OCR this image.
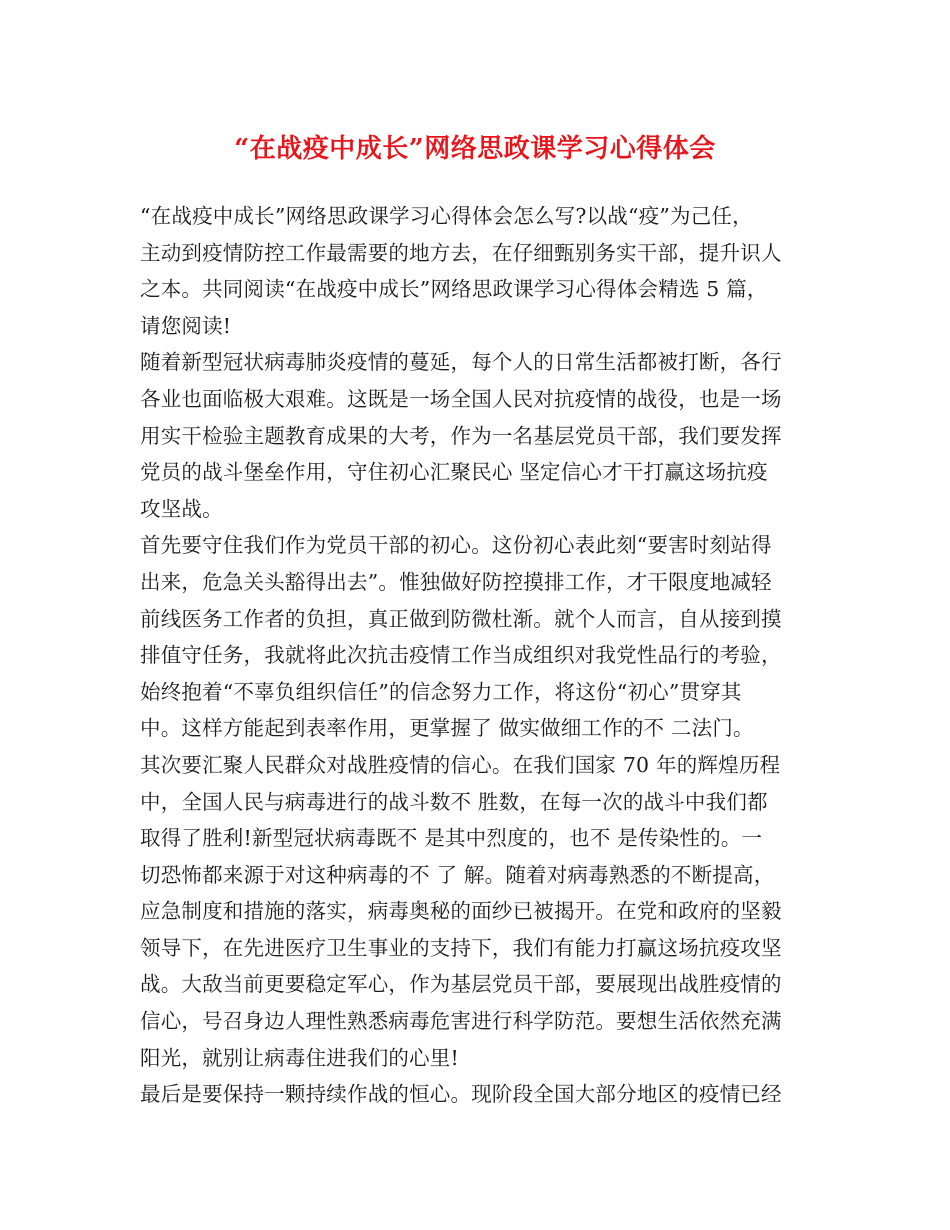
“在战疫中成长”网络思政课学习心得体会
“在战疫中成长”网络思政课学习心得体会怎么写?以战“疫”为己任，
主动到疫情防控工作最需要的地方去，在仔细甄别务实干部，提升识人
之本。共同阅读“在战疫中成长”网络思政课学习心得体会精选 5 篇，
请您阅读!
随着新型冠状病毒肺炎疫情的蔓延，每个人的日常生活都被打断，各行
各业也面临极大艰难。这既是一场全国人民对抗疫情的战役，也是一场
用实干检验主题教育成果的大考，作为一名基层党员干部，我们要发挥
党员的战斗堡垒作用，守住初心汇聚民心 坚定信心才干打赢这场抗疫
攻坚战。
首先要守住我们作为党员干部的初心。这份初心表此刻“要害时刻站得
出来，危急关头豁得出去”。惟独做好防控摸排工作，才干限度地减轻
前线医务工作者的负担，真正做到防微杜渐。就个人而言，自从接到摸
排值守任务，我就将此次抗击疫情工作当成组织对我党性品行的考验，
始终抱着“不辜负组织信任”的信念努力工作，将这份“初心”贯穿其
中。这样方能起到表率作用，更掌握了 做实做细工作的不 二法门。
其次要汇聚人民群众对战胜疫情的信心。在我们国家 70 年的辉煌历程
中，全国人民与病毒进行的战斗数不 胜数，在每一次的战斗中我们都
取得了胜利!新型冠状病毒既不 是其中烈度的，也不 是传染性的。一
切恐怖都来源于对这种病毒的不 了 解。随着对病毒熟悉的不断提高，
应急制度和措施的落实，病毒奥秘的面纱已被揭开。在党和政府的坚毅
领导下，在先进医疗卫生事业的支持下，我们有能力打赢这场抗疫攻坚
战。大敌当前更要稳定军心，作为基层党员干部，要展现出战胜疫情的
信心，号召身边人理性熟悉病毒危害进行科学防范。要想生活依然充满
阳光，就别让病毒住进我们的心里!
最后是要保持一颗持续作战的恒心。现阶段全国大部分地区的疫情已经
